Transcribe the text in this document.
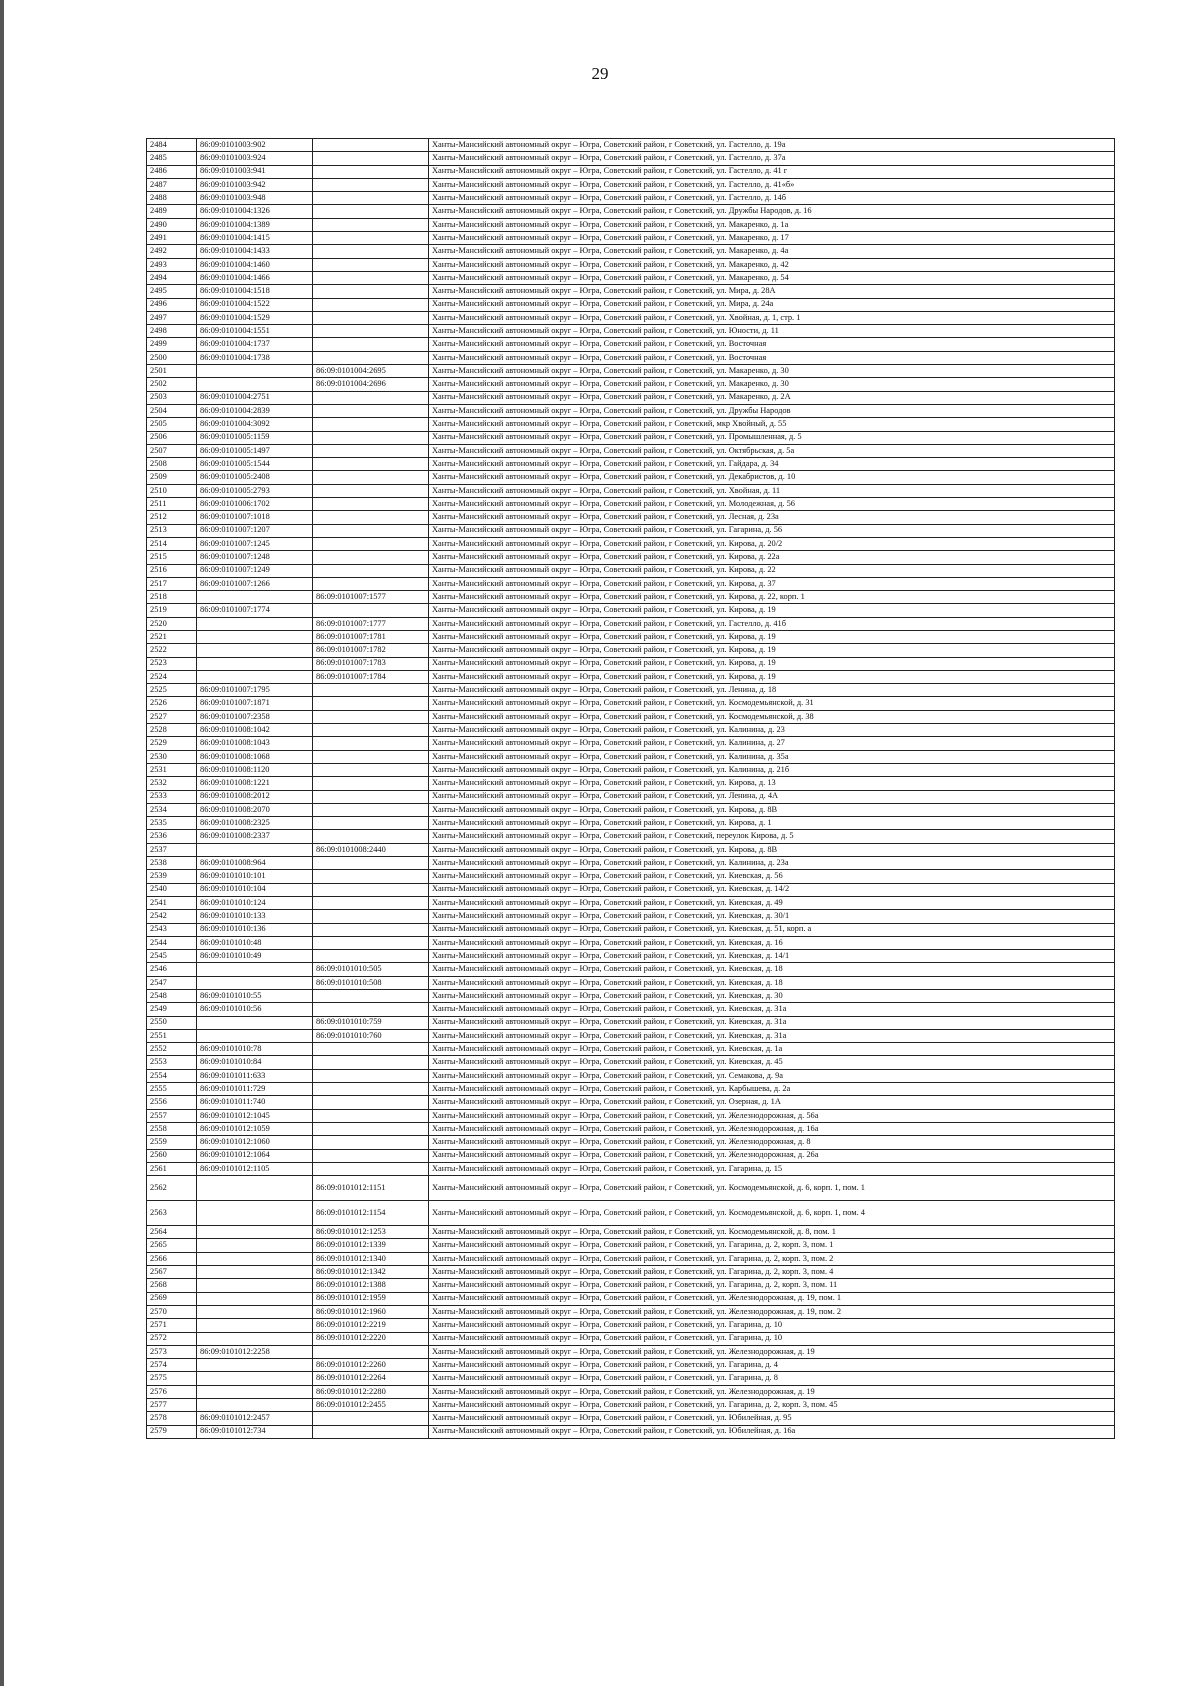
29
2484	86:09:0101003:902		Ханты-Мансийский автономный округ – Югра, Советский район, г Советский, ул. Гастелло, д. 19а
2485	86:09:0101003:924		Ханты-Мансийский автономный округ – Югра, Советский район, г Советский, ул. Гастелло, д. 37а
2486	86:09:0101003:941		Ханты-Мансийский автономный округ – Югра, Советский район, г Советский, ул. Гастелло, д. 41 г
2487	86:09:0101003:942		Ханты-Мансийский автономный округ – Югра, Советский район, г Советский, ул. Гастелло, д. 41«б»
2488	86:09:0101003:948		Ханты-Мансийский автономный округ – Югра, Советский район, г Советский, ул. Гастелло, д. 14б
2489	86:09:0101004:1326		Ханты-Мансийский автономный округ – Югра, Советский район, г Советский, ул. Дружбы Народов, д. 16
2490	86:09:0101004:1389		Ханты-Мансийский автономный округ – Югра, Советский район, г Советский, ул. Макаренко, д. 1а
2491	86:09:0101004:1415		Ханты-Мансийский автономный округ – Югра, Советский район, г Советский, ул. Макаренко, д. 17
2492	86:09:0101004:1433		Ханты-Мансийский автономный округ – Югра, Советский район, г Советский, ул. Макаренко, д. 4а
2493	86:09:0101004:1460		Ханты-Мансийский автономный округ – Югра, Советский район, г Советский, ул. Макаренко, д. 42
2494	86:09:0101004:1466		Ханты-Мансийский автономный округ – Югра, Советский район, г Советский, ул. Макаренко, д. 54
2495	86:09:0101004:1518		Ханты-Мансийский автономный округ – Югра, Советский район, г Советский, ул. Мира, д. 28А
2496	86:09:0101004:1522		Ханты-Мансийский автономный округ – Югра, Советский район, г Советский, ул. Мира, д. 24а
2497	86:09:0101004:1529		Ханты-Мансийский автономный округ – Югра, Советский район, г Советский, ул. Хвойная, д. 1, стр. 1
2498	86:09:0101004:1551		Ханты-Мансийский автономный округ – Югра, Советский район, г Советский, ул. Юности, д. 11
2499	86:09:0101004:1737		Ханты-Мансийский автономный округ – Югра, Советский район, г Советский, ул. Восточная
2500	86:09:0101004:1738		Ханты-Мансийский автономный округ – Югра, Советский район, г Советский, ул. Восточная
2501		86:09:0101004:2695	Ханты-Мансийский автономный округ – Югра, Советский район, г Советский, ул. Макаренко, д. 30
2502		86:09:0101004:2696	Ханты-Мансийский автономный округ – Югра, Советский район, г Советский, ул. Макаренко, д. 30
2503	86:09:0101004:2751		Ханты-Мансийский автономный округ – Югра, Советский район, г Советский, ул. Макаренко, д. 2А
2504	86:09:0101004:2839		Ханты-Мансийский автономный округ – Югра, Советский район, г Советский, ул. Дружбы Народов
2505	86:09:0101004:3092		Ханты-Мансийский автономный округ – Югра, Советский район, г Советский, мкр Хвойный, д. 55
2506	86:09:0101005:1159		Ханты-Мансийский автономный округ – Югра, Советский район, г Советский, ул. Промышленная, д. 5
2507	86:09:0101005:1497		Ханты-Мансийский автономный округ – Югра, Советский район, г Советский, ул. Октябрьская, д. 5а
2508	86:09:0101005:1544		Ханты-Мансийский автономный округ – Югра, Советский район, г Советский, ул. Гайдара, д. 34
2509	86:09:0101005:2408		Ханты-Мансийский автономный округ – Югра, Советский район, г Советский, ул. Декабристов, д. 10
2510	86:09:0101005:2793		Ханты-Мансийский автономный округ – Югра, Советский район, г Советский, ул. Хвойная, д. 11
2511	86:09:0101006:1702		Ханты-Мансийский автономный округ – Югра, Советский район, г Советский, ул. Молодежная, д. 56
2512	86:09:0101007:1018		Ханты-Мансийский автономный округ – Югра, Советский район, г Советский, ул. Лесная, д. 23а
2513	86:09:0101007:1207		Ханты-Мансийский автономный округ – Югра, Советский район, г Советский, ул. Гагарина, д. 56
2514	86:09:0101007:1245		Ханты-Мансийский автономный округ – Югра, Советский район, г Советский, ул. Кирова, д. 20/2
2515	86:09:0101007:1248		Ханты-Мансийский автономный округ – Югра, Советский район, г Советский, ул. Кирова, д. 22а
2516	86:09:0101007:1249		Ханты-Мансийский автономный округ – Югра, Советский район, г Советский, ул. Кирова, д. 22
2517	86:09:0101007:1266		Ханты-Мансийский автономный округ – Югра, Советский район, г Советский, ул. Кирова, д. 37
2518		86:09:0101007:1577	Ханты-Мансийский автономный округ – Югра, Советский район, г Советский, ул. Кирова, д. 22, корп. 1
2519	86:09:0101007:1774		Ханты-Мансийский автономный округ – Югра, Советский район, г Советский, ул. Кирова, д. 19
2520		86:09:0101007:1777	Ханты-Мансийский автономный округ – Югра, Советский район, г Советский, ул. Гастелло, д. 41б
2521		86:09:0101007:1781	Ханты-Мансийский автономный округ – Югра, Советский район, г Советский, ул. Кирова, д. 19
2522		86:09:0101007:1782	Ханты-Мансийский автономный округ – Югра, Советский район, г Советский, ул. Кирова, д. 19
2523		86:09:0101007:1783	Ханты-Мансийский автономный округ – Югра, Советский район, г Советский, ул. Кирова, д. 19
2524		86:09:0101007:1784	Ханты-Мансийский автономный округ – Югра, Советский район, г Советский, ул. Кирова, д. 19
2525	86:09:0101007:1795		Ханты-Мансийский автономный округ – Югра, Советский район, г Советский, ул. Ленина, д. 18
2526	86:09:0101007:1871		Ханты-Мансийский автономный округ – Югра, Советский район, г Советский, ул. Космодемьянской, д. 31
2527	86:09:0101007:2358		Ханты-Мансийский автономный округ – Югра, Советский район, г Советский, ул. Космодемьянской, д. 38
2528	86:09:0101008:1042		Ханты-Мансийский автономный округ – Югра, Советский район, г Советский, ул. Калинина, д. 23
2529	86:09:0101008:1043		Ханты-Мансийский автономный округ – Югра, Советский район, г Советский, ул. Калинина, д. 27
2530	86:09:0101008:1068		Ханты-Мансийский автономный округ – Югра, Советский район, г Советский, ул. Калинина, д. 35а
2531	86:09:0101008:1120		Ханты-Мансийский автономный округ – Югра, Советский район, г Советский, ул. Калинина, д. 21б
2532	86:09:0101008:1221		Ханты-Мансийский автономный округ – Югра, Советский район, г Советский, ул. Кирова, д. 13
2533	86:09:0101008:2012		Ханты-Мансийский автономный округ – Югра, Советский район, г Советский, ул. Ленина, д. 4А
2534	86:09:0101008:2070		Ханты-Мансийский автономный округ – Югра, Советский район, г Советский, ул. Кирова, д. 8В
2535	86:09:0101008:2325		Ханты-Мансийский автономный округ – Югра, Советский район, г Советский, ул. Кирова, д. 1
2536	86:09:0101008:2337		Ханты-Мансийский автономный округ – Югра, Советский район, г Советский, переулок Кирова, д. 5
2537		86:09:0101008:2440	Ханты-Мансийский автономный округ – Югра, Советский район, г Советский, ул. Кирова, д. 8В
2538	86:09:0101008:964		Ханты-Мансийский автономный округ – Югра, Советский район, г Советский, ул. Калинина, д. 23а
2539	86:09:0101010:101		Ханты-Мансийский автономный округ – Югра, Советский район, г Советский, ул. Киевская, д. 56
2540	86:09:0101010:104		Ханты-Мансийский автономный округ – Югра, Советский район, г Советский, ул. Киевская, д. 14/2
2541	86:09:0101010:124		Ханты-Мансийский автономный округ – Югра, Советский район, г Советский, ул. Киевская, д. 49
2542	86:09:0101010:133		Ханты-Мансийский автономный округ – Югра, Советский район, г Советский, ул. Киевская, д. 30/1
2543	86:09:0101010:136		Ханты-Мансийский автономный округ – Югра, Советский район, г Советский, ул. Киевская, д. 51, корп. а
2544	86:09:0101010:48		Ханты-Мансийский автономный округ – Югра, Советский район, г Советский, ул. Киевская, д. 16
2545	86:09:0101010:49		Ханты-Мансийский автономный округ – Югра, Советский район, г Советский, ул. Киевская, д. 14/1
2546		86:09:0101010:505	Ханты-Мансийский автономный округ – Югра, Советский район, г Советский, ул. Киевская, д. 18
2547		86:09:0101010:508	Ханты-Мансийский автономный округ – Югра, Советский район, г Советский, ул. Киевская, д. 18
2548	86:09:0101010:55		Ханты-Мансийский автономный округ – Югра, Советский район, г Советский, ул. Киевская, д. 30
2549	86:09:0101010:56		Ханты-Мансийский автономный округ – Югра, Советский район, г Советский, ул. Киевская, д. 31а
2550		86:09:0101010:759	Ханты-Мансийский автономный округ – Югра, Советский район, г Советский, ул. Киевская, д. 31а
2551		86:09:0101010:760	Ханты-Мансийский автономный округ – Югра, Советский район, г Советский, ул. Киевская, д. 31а
2552	86:09:0101010:78		Ханты-Мансийский автономный округ – Югра, Советский район, г Советский, ул. Киевская, д. 1а
2553	86:09:0101010:84		Ханты-Мансийский автономный округ – Югра, Советский район, г Советский, ул. Киевская, д. 45
2554	86:09:0101011:633		Ханты-Мансийский автономный округ – Югра, Советский район, г Советский, ул. Семакова, д. 9а
2555	86:09:0101011:729		Ханты-Мансийский автономный округ – Югра, Советский район, г Советский, ул. Карбышева, д. 2а
2556	86:09:0101011:740		Ханты-Мансийский автономный округ – Югра, Советский район, г Советский, ул. Озерная, д. 1А
2557	86:09:0101012:1045		Ханты-Мансийский автономный округ – Югра, Советский район, г Советский, ул. Железнодорожная, д. 56а
2558	86:09:0101012:1059		Ханты-Мансийский автономный округ – Югра, Советский район, г Советский, ул. Железнодорожная, д. 16а
2559	86:09:0101012:1060		Ханты-Мансийский автономный округ – Югра, Советский район, г Советский, ул. Железнодорожная, д. 8
2560	86:09:0101012:1064		Ханты-Мансийский автономный округ – Югра, Советский район, г Советский, ул. Железнодорожная, д. 26а
2561	86:09:0101012:1105		Ханты-Мансийский автономный округ – Югра, Советский район, г Советский, ул. Гагарина, д. 15
2562		86:09:0101012:1151	Ханты-Мансийский автономный округ – Югра, Советский район, г Советский, ул. Космодемьянской, д. 6, корп. 1, пом. 1
2563		86:09:0101012:1154	Ханты-Мансийский автономный округ – Югра, Советский район, г Советский, ул. Космодемьянской, д. 6, корп. 1, пом. 4
2564		86:09:0101012:1253	Ханты-Мансийский автономный округ – Югра, Советский район, г Советский, ул. Космодемьянской, д. 8, пом. 1
2565		86:09:0101012:1339	Ханты-Мансийский автономный округ – Югра, Советский район, г Советский, ул. Гагарина, д. 2, корп. 3, пом. 1
2566		86:09:0101012:1340	Ханты-Мансийский автономный округ – Югра, Советский район, г Советский, ул. Гагарина, д. 2, корп. 3, пом. 2
2567		86:09:0101012:1342	Ханты-Мансийский автономный округ – Югра, Советский район, г Советский, ул. Гагарина, д. 2, корп. 3, пом. 4
2568		86:09:0101012:1388	Ханты-Мансийский автономный округ – Югра, Советский район, г Советский, ул. Гагарина, д. 2, корп. 3, пом. 11
2569		86:09:0101012:1959	Ханты-Мансийский автономный округ – Югра, Советский район, г Советский, ул. Железнодорожная, д. 19, пом. 1
2570		86:09:0101012:1960	Ханты-Мансийский автономный округ – Югра, Советский район, г Советский, ул. Железнодорожная, д. 19, пом. 2
2571		86:09:0101012:2219	Ханты-Мансийский автономный округ – Югра, Советский район, г Советский, ул. Гагарина, д. 10
2572		86:09:0101012:2220	Ханты-Мансийский автономный округ – Югра, Советский район, г Советский, ул. Гагарина, д. 10
2573	86:09:0101012:2258		Ханты-Мансийский автономный округ – Югра, Советский район, г Советский, ул. Железнодорожная, д. 19
2574		86:09:0101012:2260	Ханты-Мансийский автономный округ – Югра, Советский район, г Советский, ул. Гагарина, д. 4
2575		86:09:0101012:2264	Ханты-Мансийский автономный округ – Югра, Советский район, г Советский, ул. Гагарина, д. 8
2576		86:09:0101012:2280	Ханты-Мансийский автономный округ – Югра, Советский район, г Советский, ул. Железнодорожная, д. 19
2577		86:09:0101012:2455	Ханты-Мансийский автономный округ – Югра, Советский район, г Советский, ул. Гагарина, д. 2, корп. 3, пом. 45
2578	86:09:0101012:2457		Ханты-Мансийский автономный округ – Югра, Советский район, г Советский, ул. Юбилейная, д. 95
2579	86:09:0101012:734		Ханты-Мансийский автономный округ – Югра, Советский район, г Советский, ул. Юбилейная, д. 16а
